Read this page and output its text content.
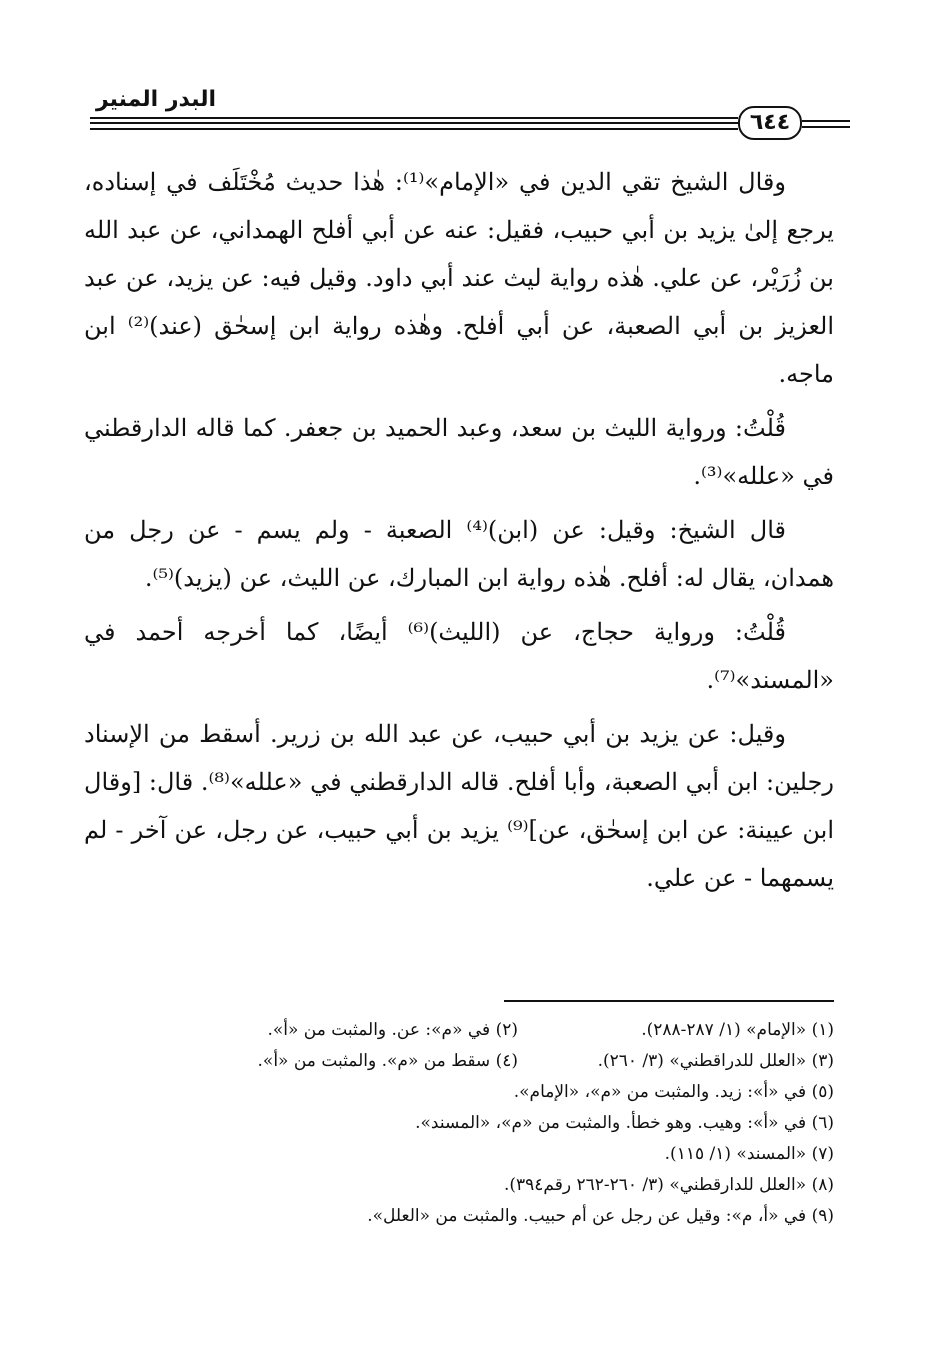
البدر المنير
٦٤٤

وقال الشيخ تقي الدين في «الإمام»⁽¹⁾: هٰذا حديث مُخْتَلَف في إسناده، يرجع إلىٰ يزيد بن أبي حبيب، فقيل: عنه عن أبي أفلح الهمداني، عن عبد الله بن زُرَيْر، عن علي. هٰذه رواية ليث عند أبي داود. وقيل فيه: عن يزيد، عن عبد العزيز بن أبي الصعبة، عن أبي أفلح. وهٰذه رواية ابن إسحٰق (عند)⁽²⁾ ابن ماجه.

قُلْتُ: ورواية الليث بن سعد، وعبد الحميد بن جعفر. كما قاله الدارقطني في «علله»⁽³⁾.

قال الشيخ: وقيل: عن (ابن)⁽⁴⁾ الصعبة - ولم يسم - عن رجل من همدان، يقال له: أفلح. هٰذه رواية ابن المبارك، عن الليث، عن (يزيد)⁽⁵⁾.

قُلْتُ: ورواية حجاج، عن (الليث)⁽⁶⁾ أيضًا، كما أخرجه أحمد في «المسند»⁽⁷⁾.

وقيل: عن يزيد بن أبي حبيب، عن عبد الله بن زرير. أسقط من الإسناد رجلين: ابن أبي الصعبة، وأبا أفلح. قاله الدارقطني في «علله»⁽⁸⁾. قال: [وقال ابن عيينة: عن ابن إسحٰق، عن]⁽⁹⁾ يزيد بن أبي حبيب، عن رجل، عن آخر - لم يسمهما - عن علي.

(١) «الإمام» (١/ ٢٨٧-٢٨٨).
(٢) في «م»: عن. والمثبت من «أ».
(٣) «العلل للدراقطني» (٣/ ٢٦٠).
(٤) سقط من «م». والمثبت من «أ».
(٥) في «أ»: زيد. والمثبت من «م»، «الإمام».
(٦) في «أ»: وهيب. وهو خطأ. والمثبت من «م»، «المسند».
(٧) «المسند» (١/ ١١٥).
(٨) «العلل للدارقطني» (٣/ ٢٦٠-٢٦٢ رقم٣٩٤).
(٩) في «أ، م»: وقيل عن رجل عن أم حبيب. والمثبت من «العلل».
